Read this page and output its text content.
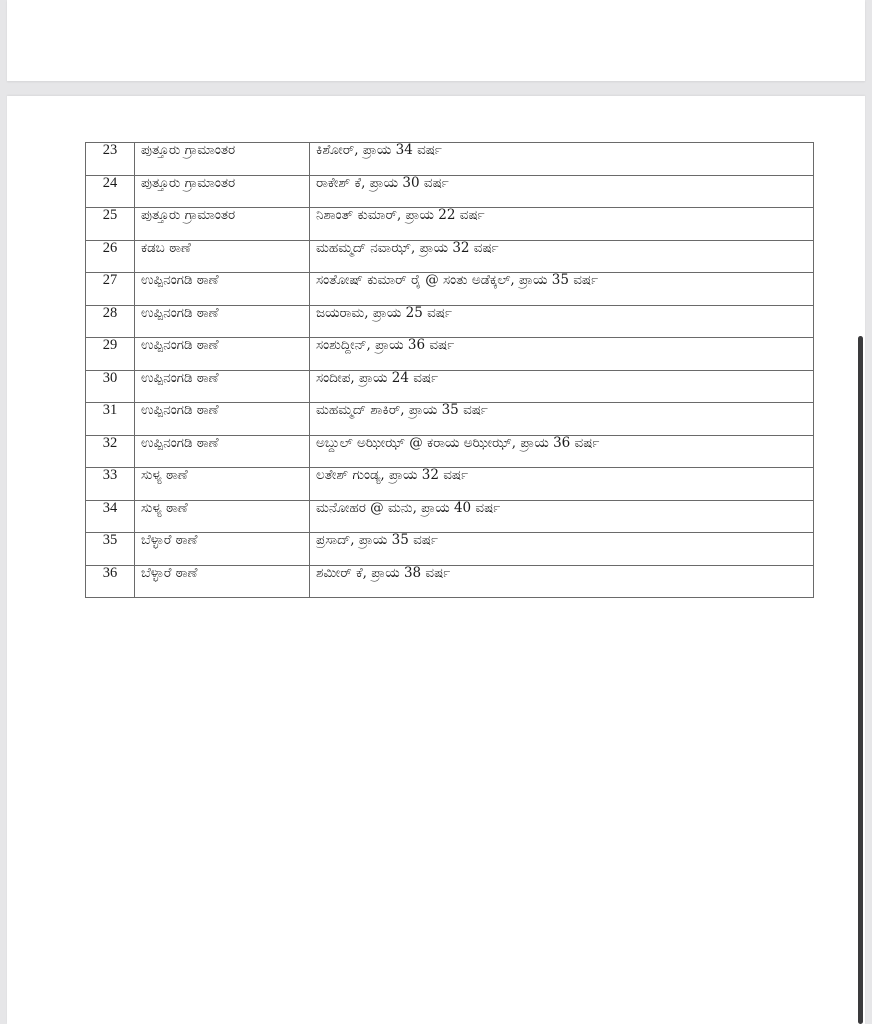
23	ಪುತ್ತೂರು ಗ್ರಾಮಾಂತರ	ಕಿಶೋರ್, ಪ್ರಾಯ 34 ವರ್ಷ
24	ಪುತ್ತೂರು ಗ್ರಾಮಾಂತರ	ರಾಕೇಶ್ ಕೆ, ಪ್ರಾಯ 30 ವರ್ಷ
25	ಪುತ್ತೂರು ಗ್ರಾಮಾಂತರ	ನಿಶಾಂತ್ ಕುಮಾರ್, ಪ್ರಾಯ 22 ವರ್ಷ
26	ಕಡಬ ಠಾಣೆ	ಮಹಮ್ಮದ್ ನವಾಝ್, ಪ್ರಾಯ 32 ವರ್ಷ
27	ಉಪ್ಪಿನಂಗಡಿ ಠಾಣೆ	ಸಂತೋಷ್ ಕುಮಾರ್ ರೈ @ ಸಂತು ಅಡೆಕ್ಕಲ್, ಪ್ರಾಯ 35 ವರ್ಷ
28	ಉಪ್ಪಿನಂಗಡಿ ಠಾಣೆ	ಜಯರಾಮ, ಪ್ರಾಯ 25 ವರ್ಷ
29	ಉಪ್ಪಿನಂಗಡಿ ಠಾಣೆ	ಸಂಶುದ್ದೀನ್, ಪ್ರಾಯ 36 ವರ್ಷ
30	ಉಪ್ಪಿನಂಗಡಿ ಠಾಣೆ	ಸಂದೀಪ, ಪ್ರಾಯ 24 ವರ್ಷ
31	ಉಪ್ಪಿನಂಗಡಿ ಠಾಣೆ	ಮಹಮ್ಮದ್ ಶಾಕಿರ್, ಪ್ರಾಯ 35 ವರ್ಷ
32	ಉಪ್ಪಿನಂಗಡಿ ಠಾಣೆ	ಅಬ್ದುಲ್ ಅಝೀಝ್ @ ಕರಾಯ ಅಝೀಝ್, ಪ್ರಾಯ 36 ವರ್ಷ
33	ಸುಳ್ಯ ಠಾಣೆ	ಲತೇಶ್ ಗುಂಡ್ಯ, ಪ್ರಾಯ 32 ವರ್ಷ
34	ಸುಳ್ಯ ಠಾಣೆ	ಮನೋಹರ @ ಮನು, ಪ್ರಾಯ 40 ವರ್ಷ
35	ಬೆಳ್ಳಾರೆ ಠಾಣೆ	ಪ್ರಸಾದ್, ಪ್ರಾಯ 35 ವರ್ಷ
36	ಬೆಳ್ಳಾರೆ ಠಾಣೆ	ಶಮೀರ್ ಕೆ, ಪ್ರಾಯ 38 ವರ್ಷ
